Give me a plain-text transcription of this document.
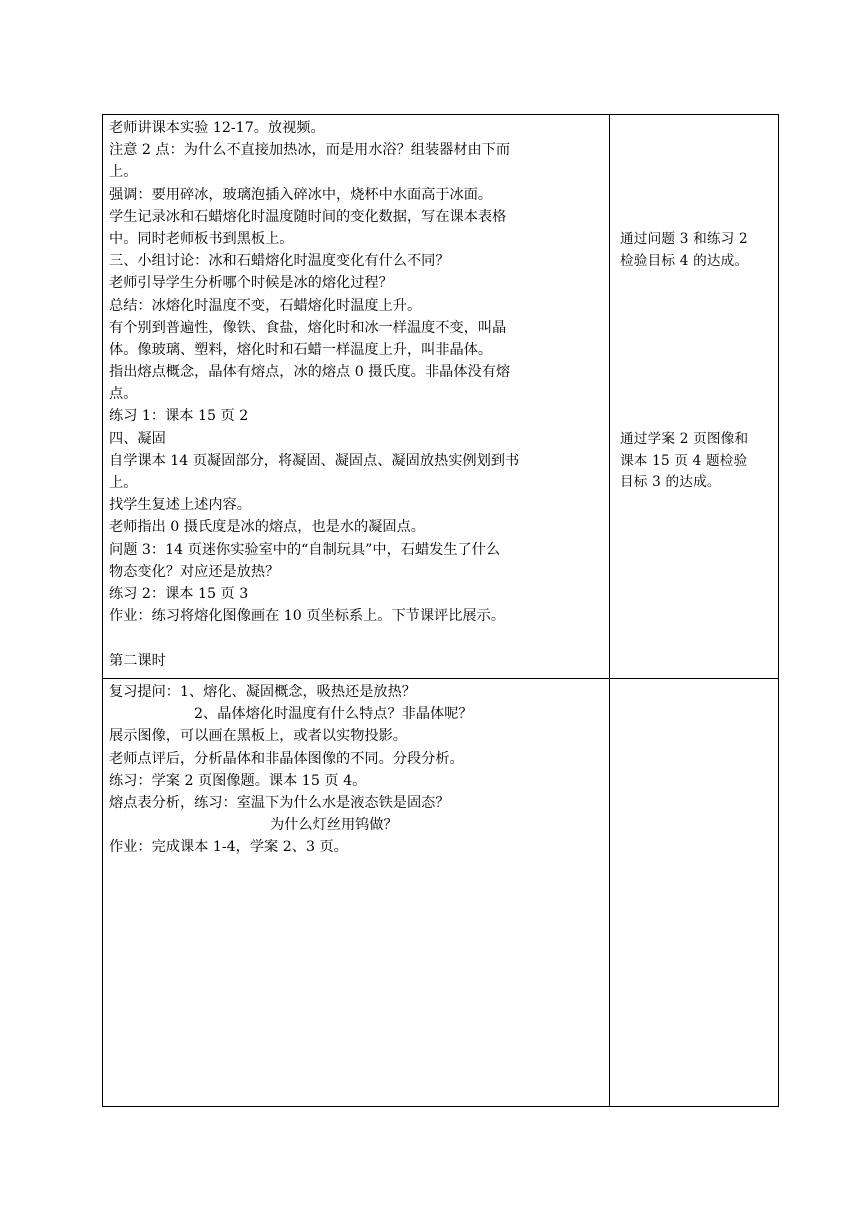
老师讲课本实验 12-17。放视频。
注意 2 点：为什么不直接加热冰，而是用水浴？组装器材由下而
上。
强调：要用碎冰，玻璃泡插入碎冰中，烧杯中水面高于冰面。
学生记录冰和石蜡熔化时温度随时间的变化数据，写在课本表格
中。同时老师板书到黑板上。
三、小组讨论：冰和石蜡熔化时温度变化有什么不同？
老师引导学生分析哪个时候是冰的熔化过程？
总结：冰熔化时温度不变，石蜡熔化时温度上升。
有个别到普遍性，像铁、食盐，熔化时和冰一样温度不变，叫晶
体。像玻璃、塑料，熔化时和石蜡一样温度上升，叫非晶体。
指出熔点概念，晶体有熔点，冰的熔点 0 摄氏度。非晶体没有熔
点。
练习 1：课本 15 页 2
四、凝固
自学课本 14 页凝固部分，将凝固、凝固点、凝固放热实例划到书
上。
找学生复述上述内容。
老师指出 0 摄氏度是冰的熔点，也是水的凝固点。
问题 3：14 页迷你实验室中的“自制玩具”中，石蜡发生了什么
物态变化？对应还是放热？
练习 2：课本 15 页 3
作业：练习将熔化图像画在 10 页坐标系上。下节课评比展示。
第二课时
通过问题 3 和练习 2
检验目标 4 的达成。
通过学案 2 页图像和
课本 15 页 4 题检验
目标 3 的达成。
复习提问：1、熔化、凝固概念，吸热还是放热？
2、晶体熔化时温度有什么特点？非晶体呢？
展示图像，可以画在黑板上，或者以实物投影。
老师点评后，分析晶体和非晶体图像的不同。分段分析。
练习：学案 2 页图像题。课本 15 页 4。
熔点表分析，练习：室温下为什么水是液态铁是固态？
为什么灯丝用钨做？
作业：完成课本 1-4，学案 2、3 页。
